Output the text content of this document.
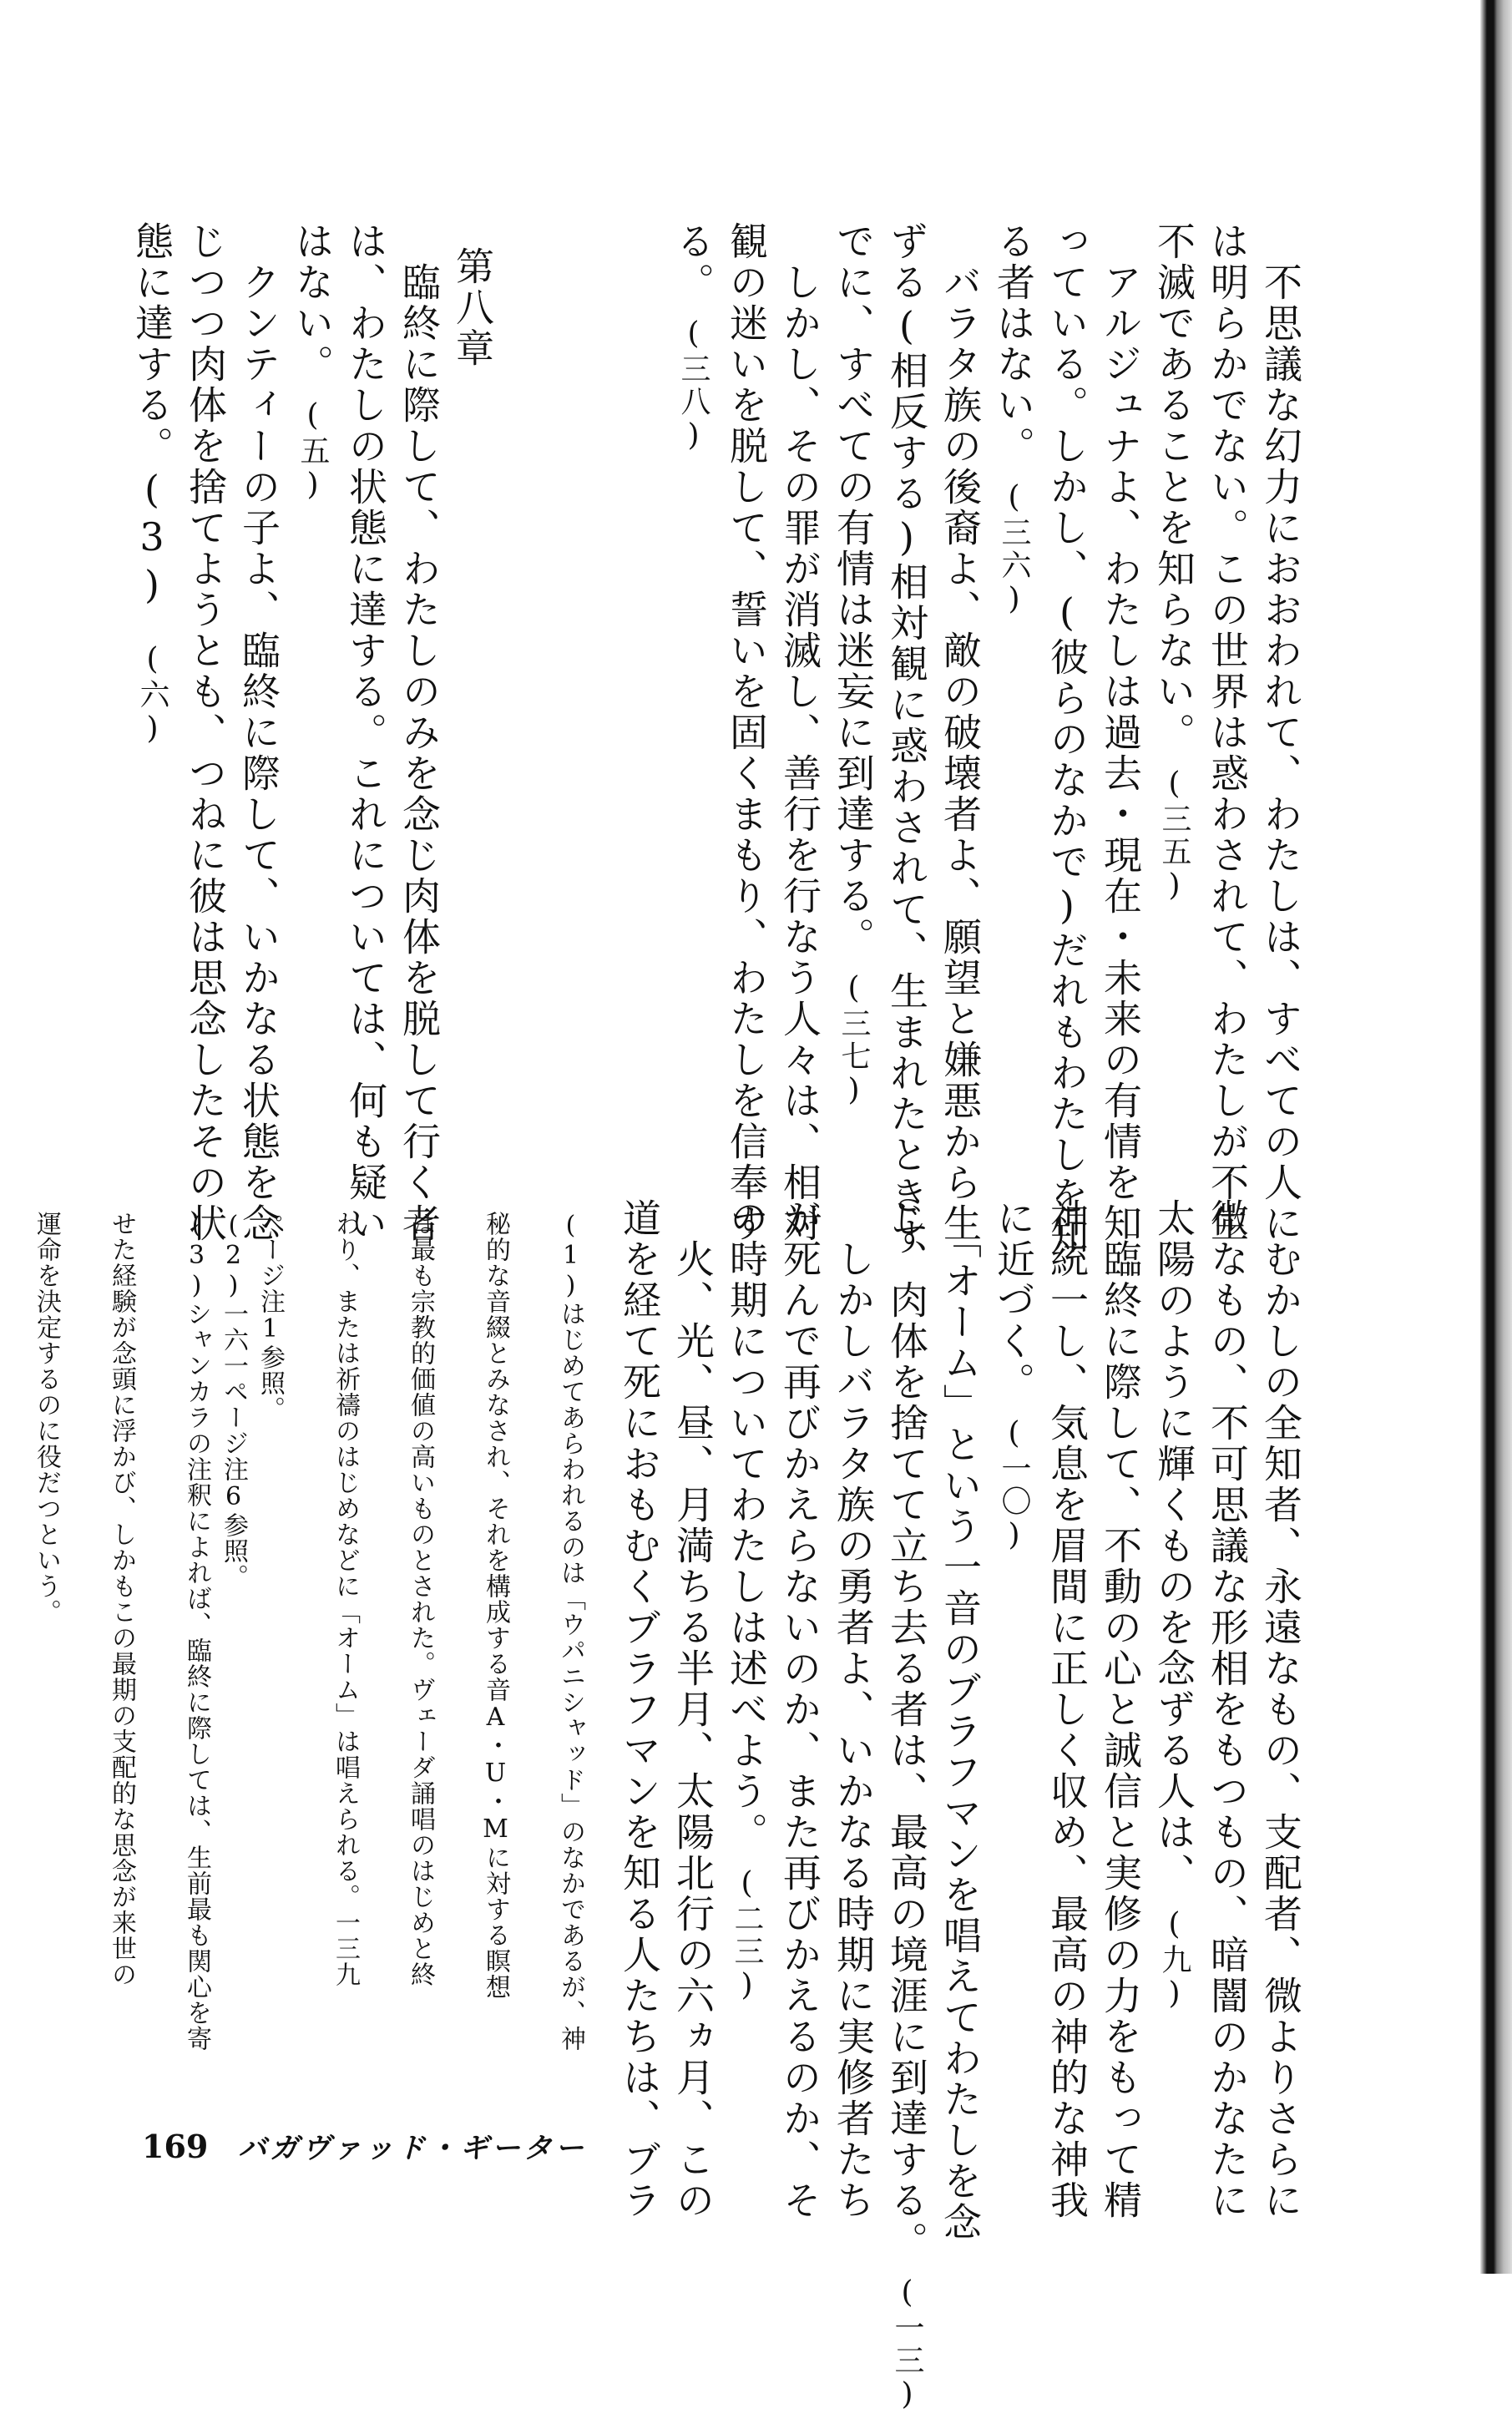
　むかしの全知者、永遠なもの、支配者、微よりさらに
微なもの、不可思議な形相をもつもの、暗闇のかなたに
太陽のように輝くものを念ずる人は、　(九)
　臨終に際して、不動の心と誠信と実修の力をもって精
神統一し、気息を眉間に正しく収め、最高の神的な神我
に近づく。　(一〇)
　「オーム」という一音のブラフマンを唱えてわたしを念
じ、肉体を捨てて立ち去る者は、最高の境涯に到達する。　(一三)
　しかしバラタ族の勇者よ、いかなる時期に実修者たち
が死んで再びかえらないのか、また再びかえるのか、そ
の時期についてわたしは述べよう。　(二三)
　火、光、昼、月満ちる半月、太陽北行の六ヵ月、この
道を経て死におもむくブラフマンを知る人たちは、ブラ
　不思議な幻力におおわれて、わたしは、すべての人に
は明らかでない。この世界は惑わされて、わたしが不生
不滅であることを知らない。　(三五)
　アルジュナよ、わたしは過去・現在・未来の有情を知
っている。しかし、(彼らのなかで)だれもわたしを知
る者はない。　(三六)
　バラタ族の後裔よ、敵の破壊者よ、願望と嫌悪から生
ずる(相反する)相対観に惑わされて、生まれたときす
でに、すべての有情は迷妄に到達する。　(三七)
　しかし、その罪が消滅し、善行を行なう人々は、相対
観の迷いを脱して、誓いを固くまもり、わたしを信奉す
る。　(三八)
第八章
　臨終に際して、わたしのみを念じ肉体を脱して行く者
は、わたしの状態に達する。これについては、何も疑い
はない。　(五)
　クンティーの子よ、臨終に際して、いかなる状態を念
じつつ肉体を捨てようとも、つねに彼は思念したその状
態に達する。(3)　(六)
(1)はじめてあらわれるのは「ウパニシャッド」のなかであるが、神
秘的な音綴とみなされ、それを構成する音A・U・Mに対する瞑想
は最も宗教的価値の高いものとされた。ヴェーダ誦唱のはじめと終
わり、または祈禱のはじめなどに「オーム」は唱えられる。一三九
ページ注1参照。
(2)一六一ページ注6参照。
(3)シャンカラの注釈によれば、臨終に際しては、生前最も関心を寄
せた経験が念頭に浮かび、しかもこの最期の支配的な思念が来世の
運命を決定するのに役だつという。
169 バガヴァッド・ギーター
